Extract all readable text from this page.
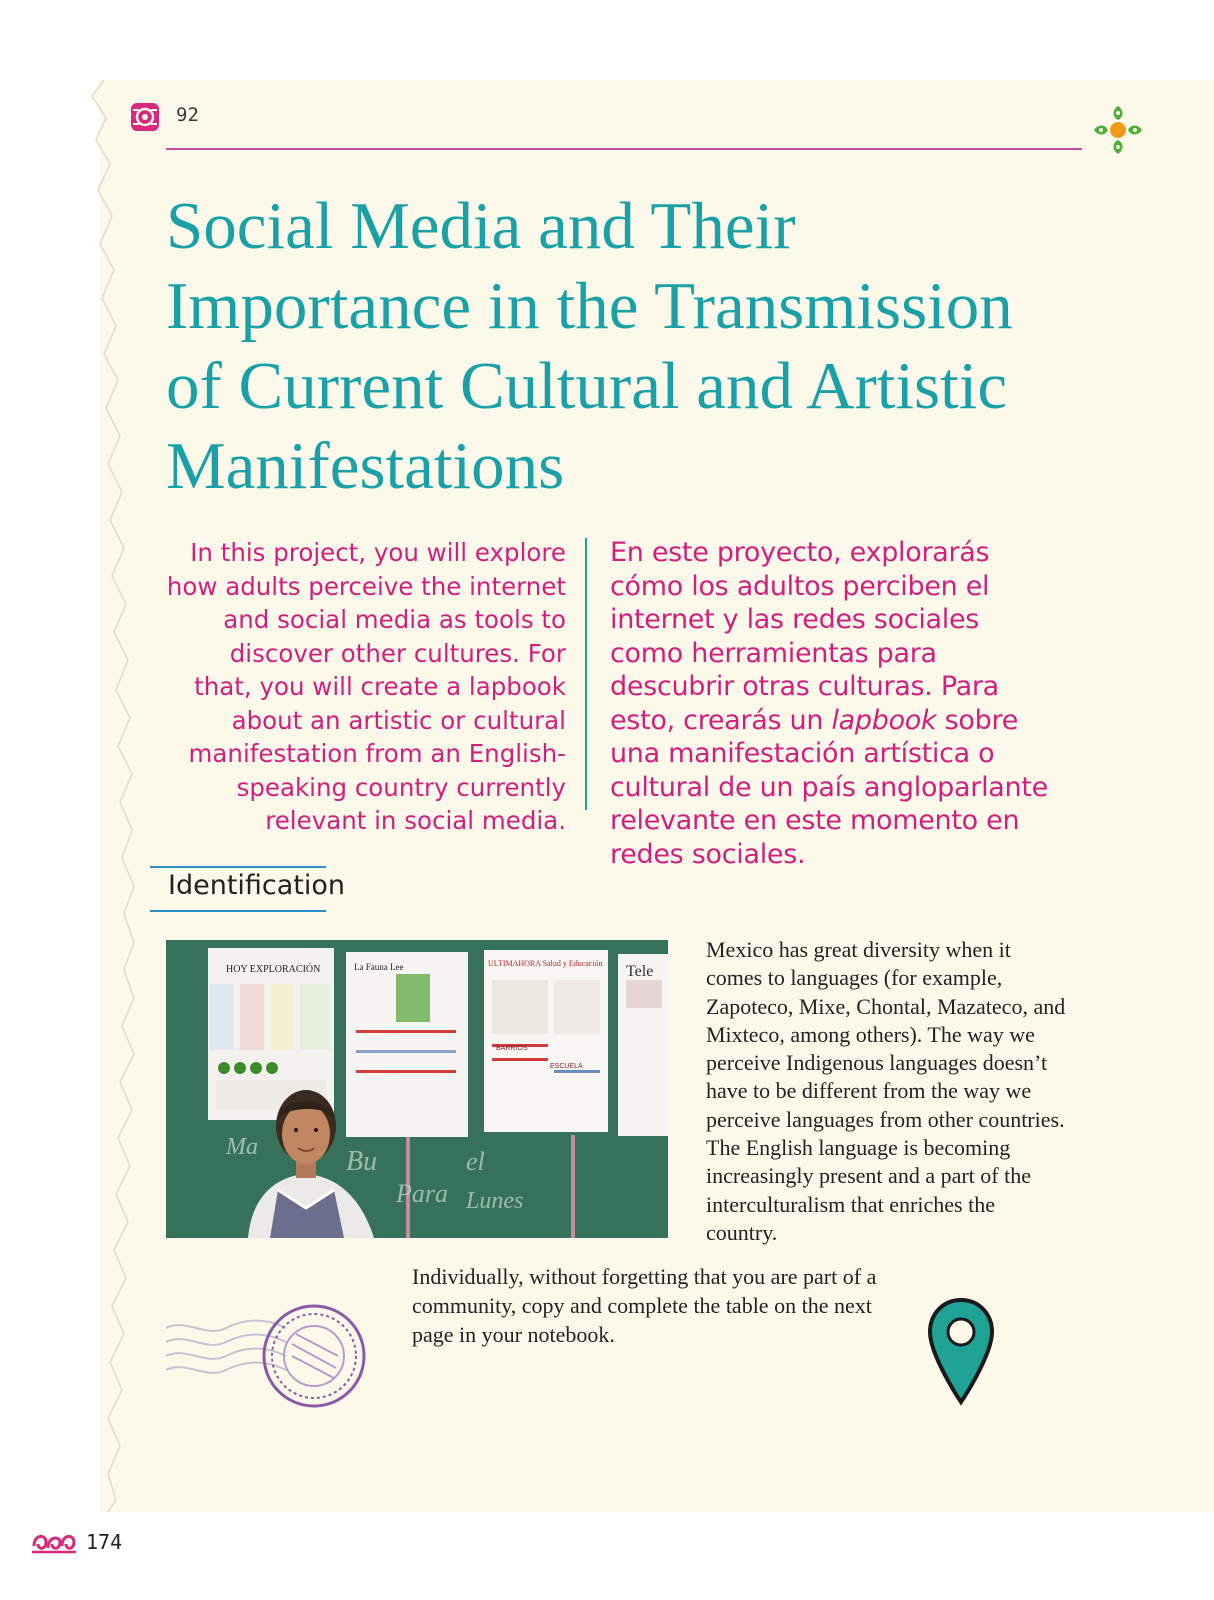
92
Social Media and Their Importance in the Transmission of Current Cultural and Artistic Manifestations
In this project, you will explore how adults perceive the internet and social media as tools to discover other cultures. For that, you will create a lapbook about an artistic or cultural manifestation from an English-speaking country currently relevant in social media.
En este proyecto, explorarás cómo los adultos perciben el internet y las redes sociales como herramientas para descubrir otras culturas. Para esto, crearás un lapbook sobre una manifestación artística o cultural de un país angloparlante relevante en este momento en redes sociales.
Identification
HOY EXPLORACIÓN	La Fauna Lee	ULTIMAHORA Salud y Educación
BARRIOS
ESCUELA
Tele
Ma	Bu
Para
el
Lunes
Mexico has great diversity when it comes to languages (for example, Zapoteco, Mixe, Chontal, Mazateco, and Mixteco, among others). The way we perceive Indigenous languages doesn’t have to be different from the way we perceive languages from other countries. The English language is becoming increasingly present and a part of the interculturalism that enriches the country.
Individually, without forgetting that you are part of a community, copy and complete the table on the next page in your notebook.
174
